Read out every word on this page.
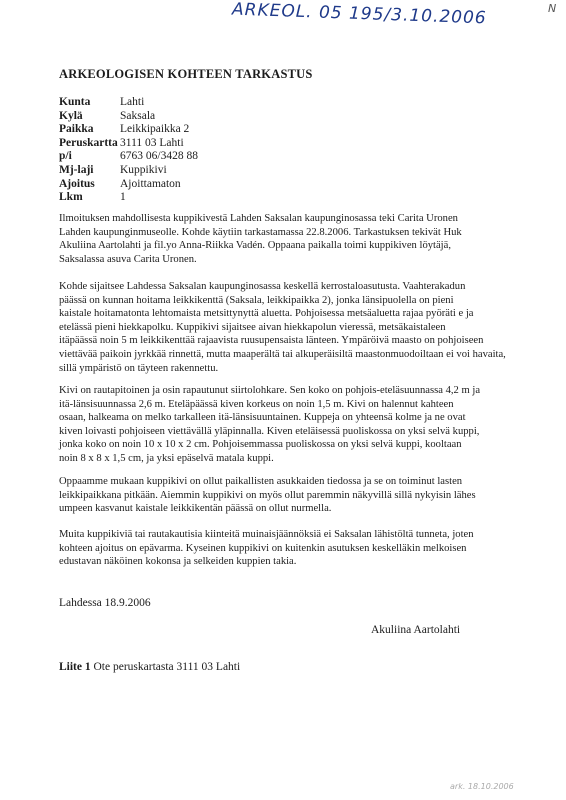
ARKEOL. 05 195/3.10.2006	N
ARKEOLOGISEN KOHTEEN TARKASTUS
Kunta	Lahti
Kylä	Saksala
Paikka	Leikkipaikka 2
Peruskartta 3111 03 Lahti
p/i	6763 06/3428 88
Mj-laji	Kuppikivi
Ajoitus	Ajoittamaton
Lkm	1
Ilmoituksen mahdollisesta kuppikivestä Lahden Saksalan kaupunginosassa teki Carita Uronen
Lahden kaupunginmuseolle. Kohde käytiin tarkastamassa 22.8.2006. Tarkastuksen tekivät Huk
Akuliina Aartolahti ja fil.yo Anna-Riikka Vadén. Oppaana paikalla toimi kuppikiven löytäjä,
Saksalassa asuva Carita Uronen.
Kohde sijaitsee Lahdessa Saksalan kaupunginosassa keskellä kerrostaloasutusta. Vaahterakadun
päässä on kunnan hoitama leikkikenttä (Saksala, leikkipaikka 2), jonka länsipuolella on pieni
kaistale hoitamatonta lehtomaista metsittynyttä aluetta. Pohjoisessa metsäaluetta rajaa pyöräti e ja
etelässä pieni hiekkapolku. Kuppikivi sijaitsee aivan hiekkapolun vieressä, metsäkaistaleen
itäpäässä noin 5 m leikkikenttää rajaavista ruusupensaista länteen. Ympäröivä maasto on pohjoiseen
viettävää paikoin jyrkkää rinnettä, mutta maaperältä tai alkuperäisiltä maastonmuodoiltaan ei voi havaita,
sillä ympäristö on täyteen rakennettu.
Kivi on rautapitoinen ja osin rapautunut siirtolohkare. Sen koko on pohjois-eteläsuunnassa 4,2 m ja
itä-länsisuunnassa 2,6 m. Eteläpäässä kiven korkeus on noin 1,5 m. Kivi on halennut kahteen
osaan, halkeama on melko tarkalleen itä-länsisuuntainen. Kuppeja on yhteensä kolme ja ne ovat
kiven loivasti pohjoiseen viettävällä yläpinnalla. Kiven eteläisessä puoliskossa on yksi selvä kuppi,
jonka koko on noin 10 x 10 x 2 cm. Pohjoisemmassa puoliskossa on yksi selvä kuppi, kooltaan
noin 8 x 8 x 1,5 cm, ja yksi epäselvä matala kuppi.
Oppaamme mukaan kuppikivi on ollut paikallisten asukkaiden tiedossa ja se on toiminut lasten
leikkipaikkana pitkään. Aiemmin kuppikivi on myös ollut paremmin näkyvillä sillä nykyisin lähes
umpeen kasvanut kaistale leikkikentän päässä on ollut nurmella.
Muita kuppikiviä tai rautakautisia kiinteitä muinaisjäännöksiä ei Saksalan lähistöltä tunneta, joten
kohteen ajoitus on epävarma. Kyseinen kuppikivi on kuitenkin asutuksen keskelläkin melkoisen
edustavan näköinen kokonsa ja selkeiden kuppien takia.
Lahdessa 18.9.2006
Akuliina Aartolahti
Liite 1 Ote peruskartasta 3111 03 Lahti
ark. 18.10.2006
